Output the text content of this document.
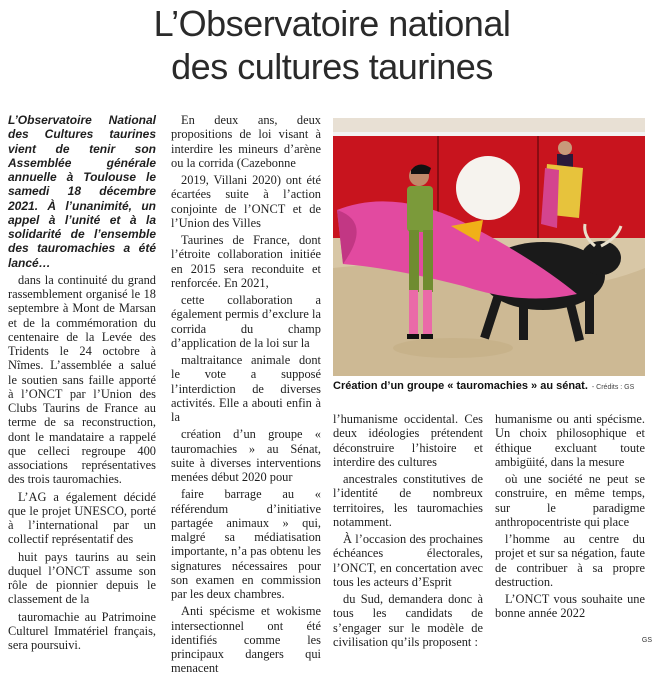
L’Observatoire national
des cultures taurines

L’Observatoire National des Cultures taurines vient de tenir son Assemblée générale annuelle à Toulouse le samedi 18 décembre 2021. À l’unanimité, un appel à l’unité et à la solidarité de l’ensemble des tauromachies a été lancé…

dans la continuité du grand rassemblement organisé le 18 septembre à Mont de Marsan et de la commémoration du centenaire de la Levée des Tridents le 24 octobre à Nîmes. L’assemblée a salué le soutien sans faille apporté à l’ONCT par l’Union des Clubs Taurins de France au terme de sa reconstruction, dont le mandataire a rappelé que celleci regroupe 400 associations représentatives des trois tauromachies.

L’AG a également décidé que le projet UNESCO, porté à l’international par un collectif représentatif des

huit pays taurins au sein duquel l’ONCT assume son rôle de pionnier depuis le classement de la

tauromachie au Patrimoine Culturel Immatériel français, sera poursuivi.

En deux ans, deux propositions de loi visant à interdire les mineurs d’arène ou la corrida (Cazebonne

2019, Villani 2020) ont été écartées suite à l’action conjointe de l’ONCT et de l’Union des Villes

Taurines de France, dont l’étroite collaboration initiée en 2015 sera reconduite et renforcée. En 2021,

cette collaboration a également permis d’exclure la corrida du champ d’application de la loi sur la

maltraitance animale dont le vote a supposé l’interdiction de diverses activités. Elle a abouti enfin à la

création d’un groupe « tauromachies » au Sénat, suite à diverses interventions menées début 2020 pour

faire barrage au « référendum d’initiative partagée animaux » qui, malgré sa médiatisation importante, n’a pas obtenu les signatures nécessaires pour son examen en commission par les deux chambres.

Anti spécisme et wokisme intersectionnel ont été identifiés comme les principaux dangers qui menacent

Création d’un groupe « tauromachies » au sénat. - Crédits : GS

l’humanisme occidental. Ces deux idéologies prétendent déconstruire l’histoire et interdire des cultures

ancestrales constitutives de l’identité de nombreux territoires, les tauromachies notamment.

À l’occasion des prochaines échéances électorales, l’ONCT, en concertation avec tous les acteurs d’Esprit

du Sud, demandera donc à tous les candidats de s’engager sur le modèle de civilisation qu’ils proposent :

humanisme ou anti spécisme. Un choix philosophique et éthique excluant toute ambigüité, dans la mesure

où une société ne peut se construire, en même temps, sur le paradigme anthropocentriste qui place

l’homme au centre du projet et sur sa négation, faute de contribuer à sa propre destruction.

L’ONCT vous souhaite une bonne année 2022

GS
